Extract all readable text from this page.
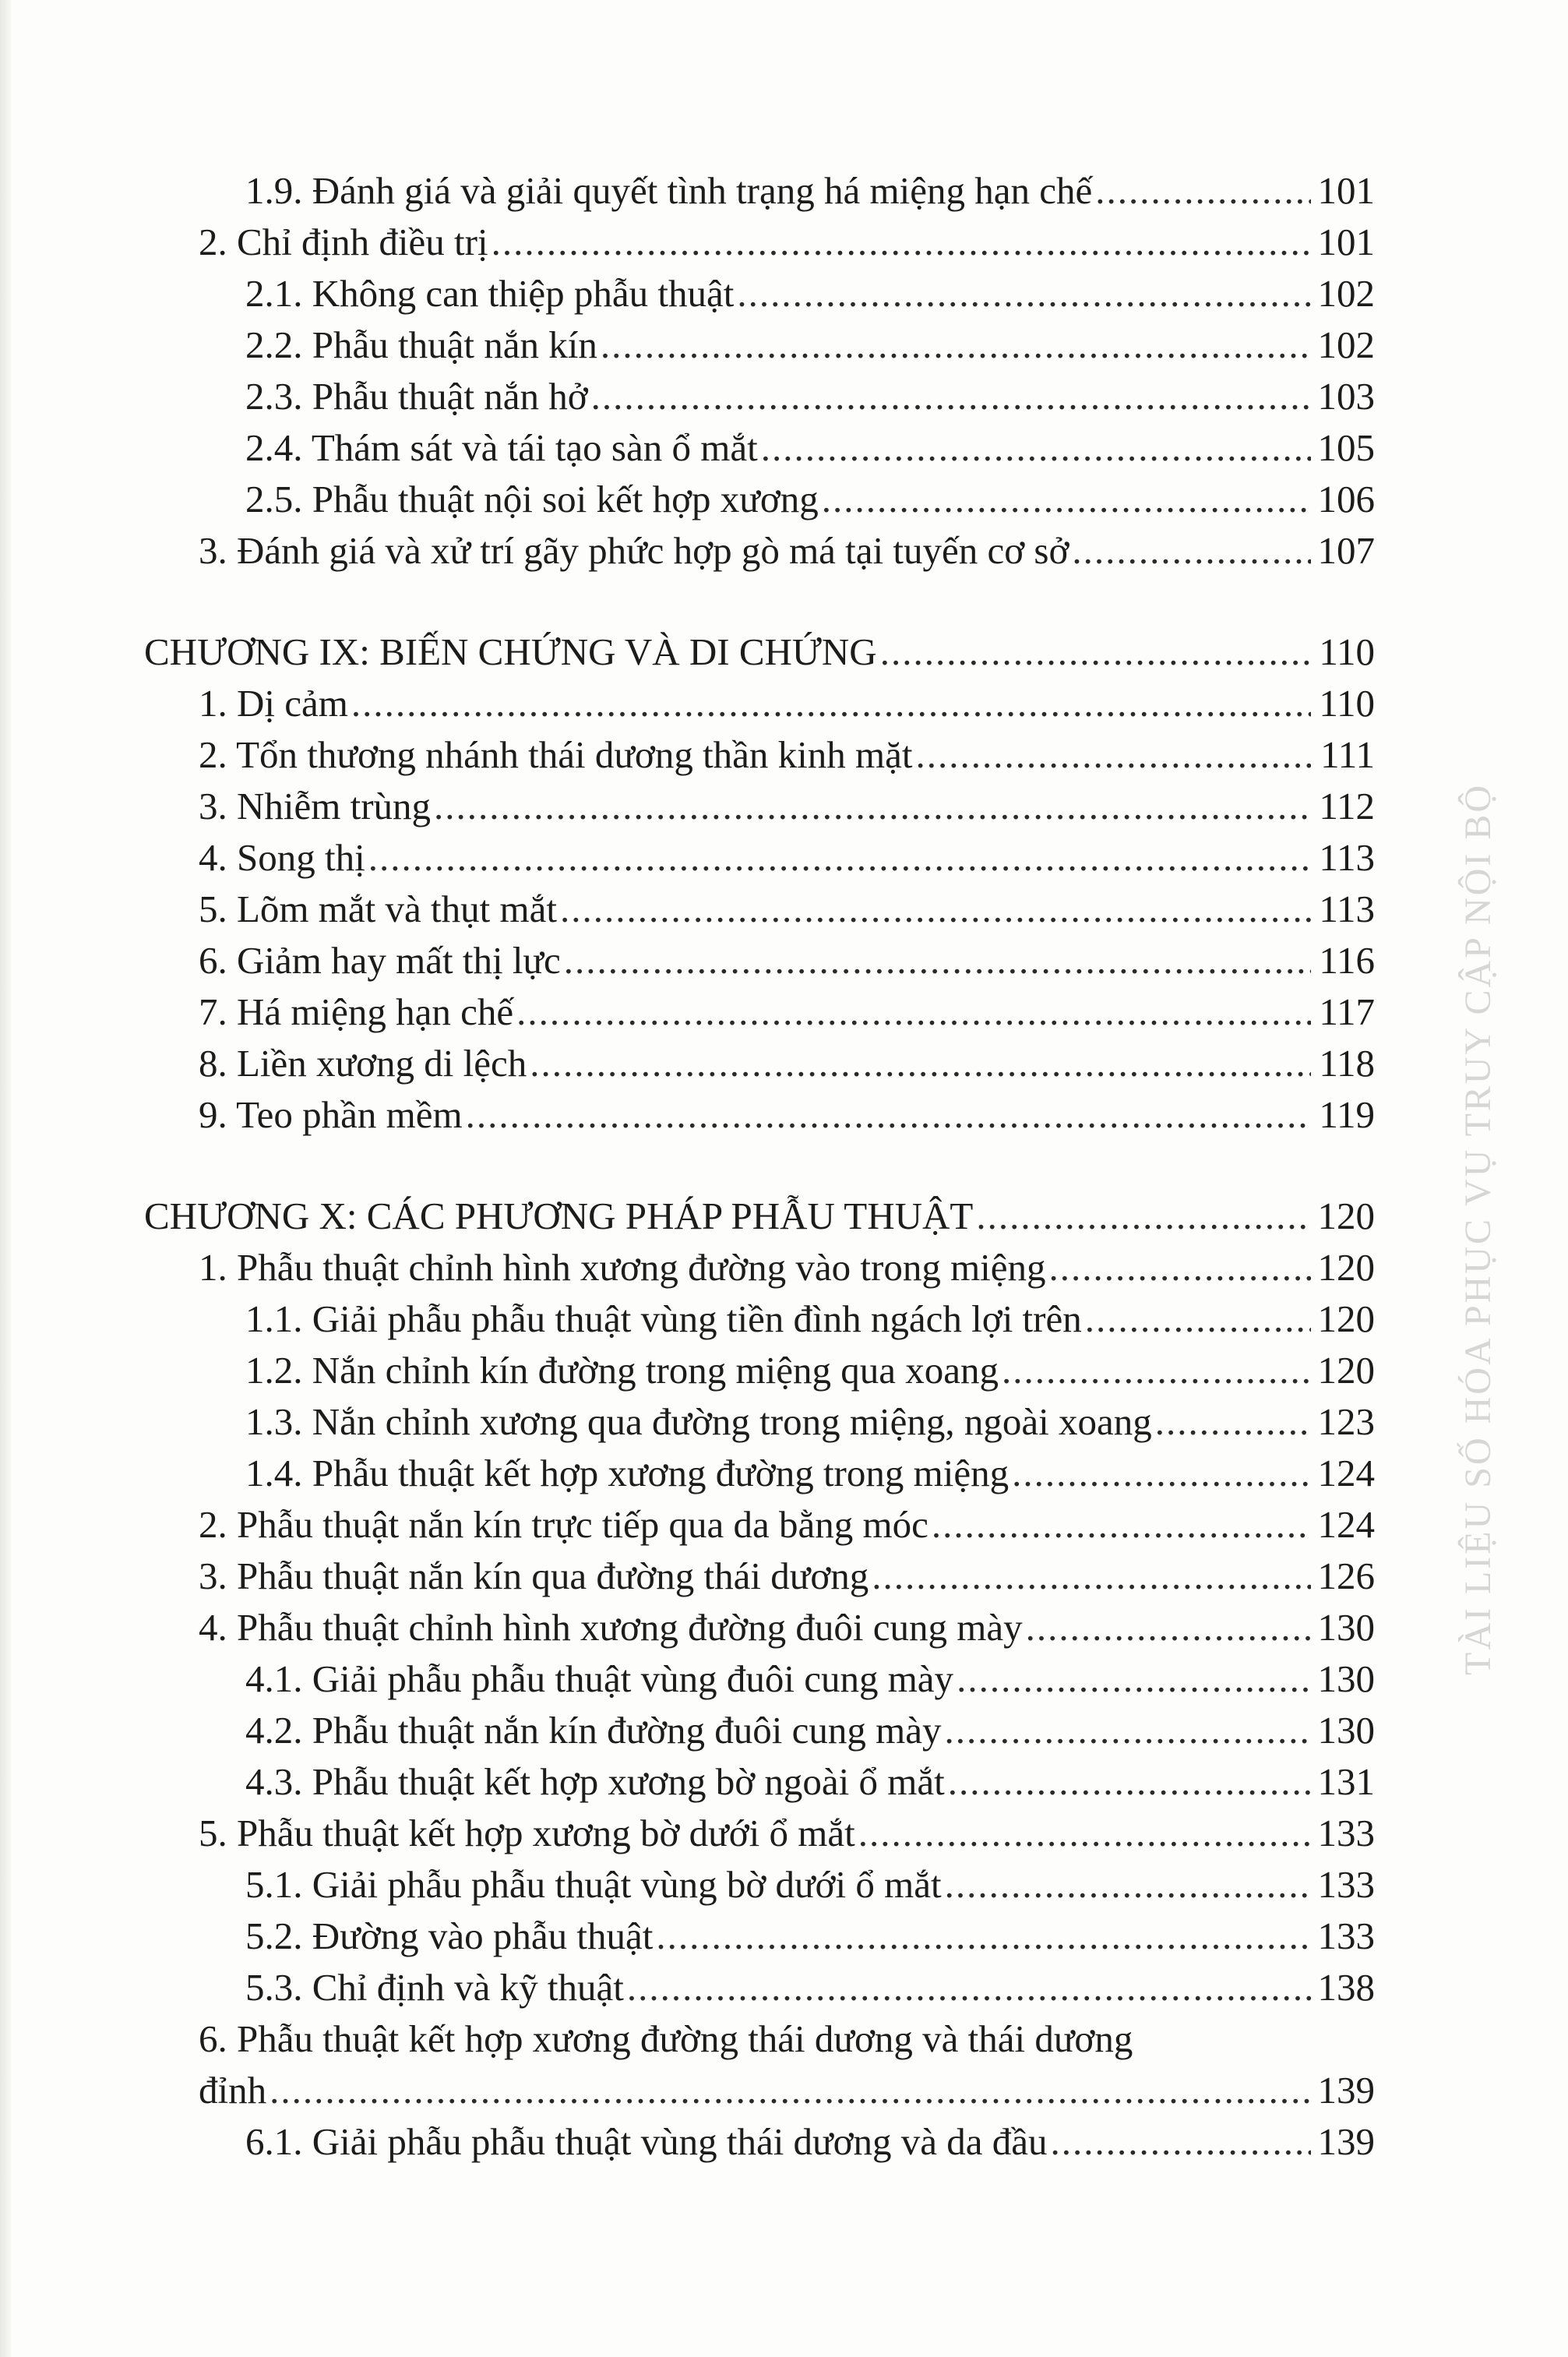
1.9. Đánh giá và giải quyết tình trạng há miệng hạn chế .....	101
2. Chỉ định điều trị .....	101
2.1. Không can thiệp phẫu thuật .....	102
2.2. Phẫu thuật nắn kín .....	102
2.3. Phẫu thuật nắn hở .....	103
2.4. Thám sát và tái tạo sàn ổ mắt .....	105
2.5. Phẫu thuật nội soi kết hợp xương .....	106
3. Đánh giá và xử trí gãy phức hợp gò má tại tuyến cơ sở .....	107
CHƯƠNG IX: BIẾN CHỨNG VÀ DI CHỨNG .....	110
1. Dị cảm .....	110
2. Tổn thương nhánh thái dương thần kinh mặt .....	111
3. Nhiễm trùng .....	112
4. Song thị .....	113
5. Lõm mắt và thụt mắt .....	113
6. Giảm hay mất thị lực .....	116
7. Há miệng hạn chế .....	117
8. Liền xương di lệch .....	118
9. Teo phần mềm .....	119
CHƯƠNG X: CÁC PHƯƠNG PHÁP PHẪU THUẬT .....	120
1. Phẫu thuật chỉnh hình xương đường vào trong miệng .....	120
1.1. Giải phẫu phẫu thuật vùng tiền đình ngách lợi trên .....	120
1.2. Nắn chỉnh kín đường trong miệng qua xoang .....	120
1.3. Nắn chỉnh xương qua đường trong miệng, ngoài xoang .....	123
1.4. Phẫu thuật kết hợp xương đường trong miệng .....	124
2. Phẫu thuật nắn kín trực tiếp qua da bằng móc .....	124
3. Phẫu thuật nắn kín qua đường thái dương .....	126
4. Phẫu thuật chỉnh hình xương đường đuôi cung mày .....	130
4.1. Giải phẫu phẫu thuật vùng đuôi cung mày .....	130
4.2. Phẫu thuật nắn kín đường đuôi cung mày .....	130
4.3. Phẫu thuật kết hợp xương bờ ngoài ổ mắt .....	131
5. Phẫu thuật kết hợp xương bờ dưới ổ mắt .....	133
5.1. Giải phẫu phẫu thuật vùng bờ dưới ổ mắt .....	133
5.2. Đường vào phẫu thuật .....	133
5.3. Chỉ định và kỹ thuật .....	138
6. Phẫu thuật kết hợp xương đường thái dương và thái dương
đỉnh .....	139
6.1. Giải phẫu phẫu thuật vùng thái dương và da đầu .....	139
TÀI LIỆU SỐ HÓA PHỤC VỤ TRUY CẬP NỘI BỘ
